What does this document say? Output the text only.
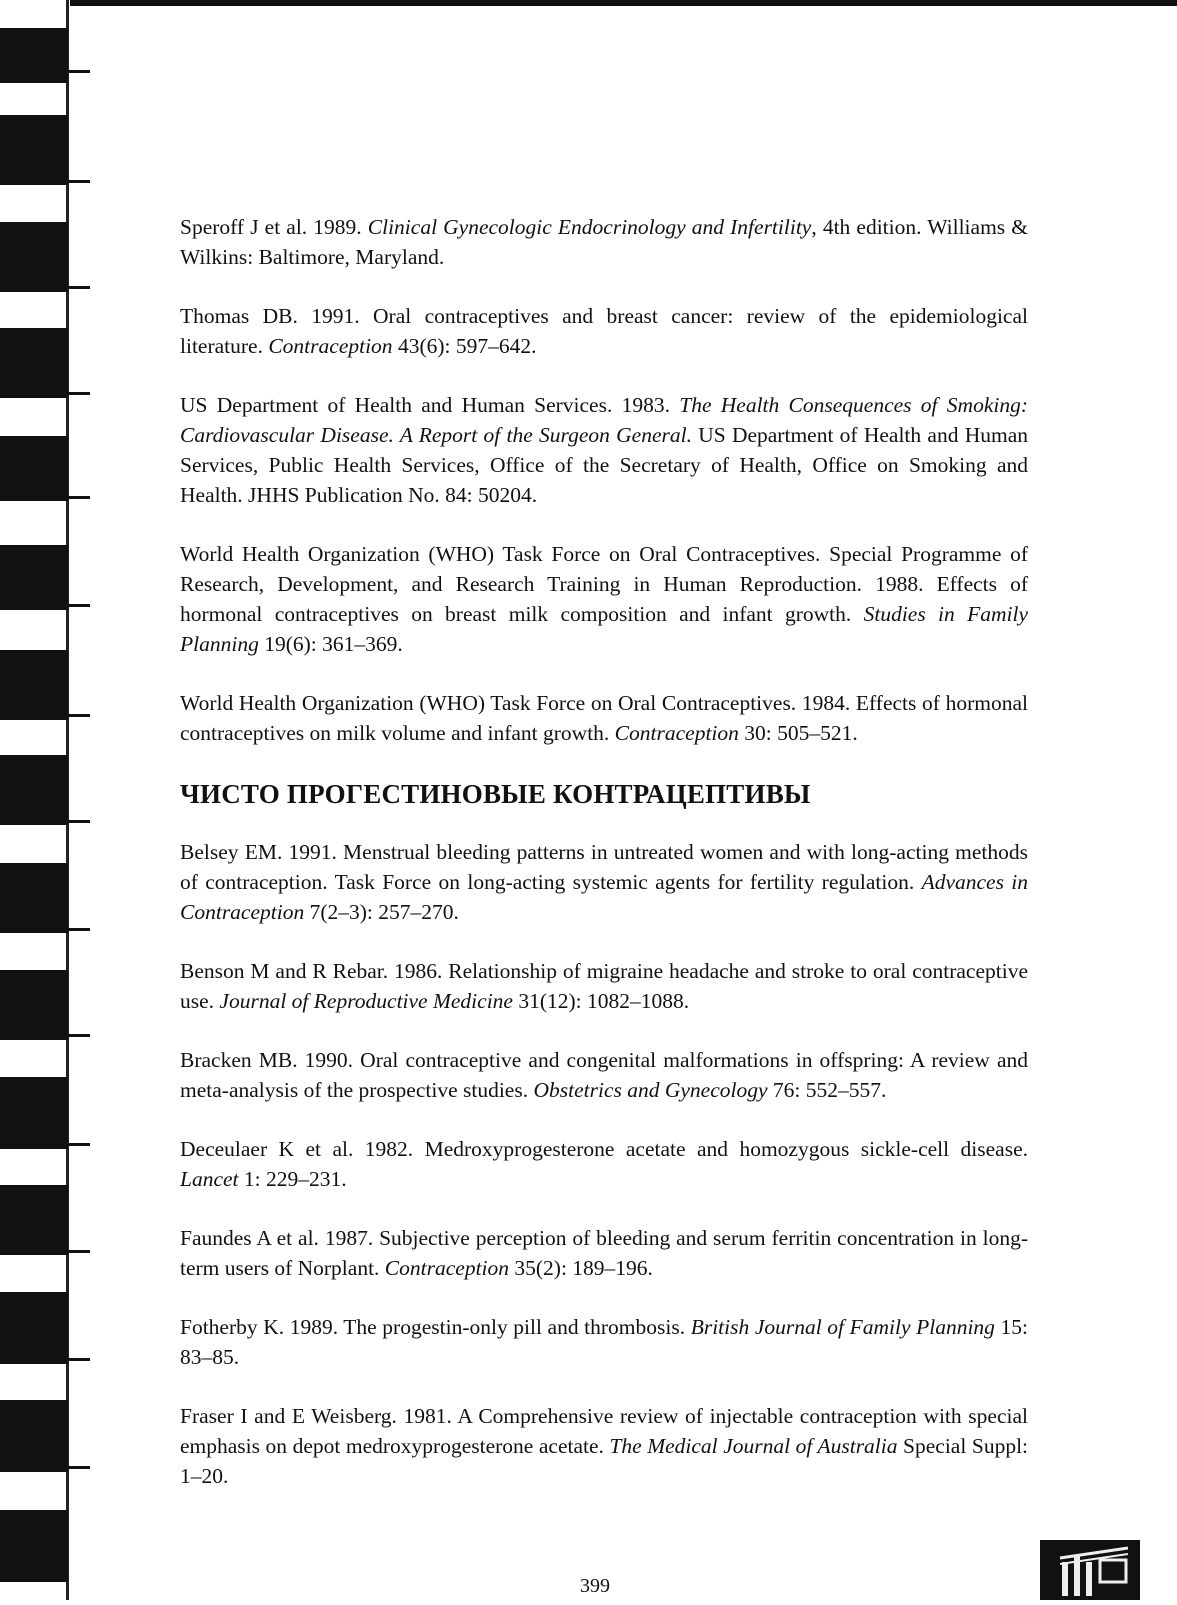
Speroff J et al. 1989. Clinical Gynecologic Endocrinology and Infertility, 4th edition. Williams & Wilkins: Baltimore, Maryland.

Thomas DB. 1991. Oral contraceptives and breast cancer: review of the epidemiological literature. Contraception 43(6): 597–642.

US Department of Health and Human Services. 1983. The Health Consequences of Smoking: Cardiovascular Disease. A Report of the Surgeon General. US Department of Health and Human Services, Public Health Services, Office of the Secretary of Health, Office on Smoking and Health. JHHS Publication No. 84: 50204.

World Health Organization (WHO) Task Force on Oral Contraceptives. Special Programme of Research, Development, and Research Training in Human Reproduction. 1988. Effects of hormonal contraceptives on breast milk composition and infant growth. Studies in Family Planning 19(6): 361–369.

World Health Organization (WHO) Task Force on Oral Contraceptives. 1984. Effects of hormonal contraceptives on milk volume and infant growth. Contraception 30: 505–521.

ЧИСТО ПРОГЕСТИНОВЫЕ КОНТРАЦЕПТИВЫ

Belsey EM. 1991. Menstrual bleeding patterns in untreated women and with long-acting methods of contraception. Task Force on long-acting systemic agents for fertility regulation. Advances in Contraception 7(2–3): 257–270.

Benson M and R Rebar. 1986. Relationship of migraine headache and stroke to oral contraceptive use. Journal of Reproductive Medicine 31(12): 1082–1088.

Bracken MB. 1990. Oral contraceptive and congenital malformations in offspring: A review and meta-analysis of the prospective studies. Obstetrics and Gynecology 76: 552–557.

Deceulaer K et al. 1982. Medroxyprogesterone acetate and homozygous sickle-cell disease. Lancet 1: 229–231.

Faundes A et al. 1987. Subjective perception of bleeding and serum ferritin concentration in long-term users of Norplant. Contraception 35(2): 189–196.

Fotherby K. 1989. The progestin-only pill and thrombosis. British Journal of Family Planning 15: 83–85.

Fraser I and E Weisberg. 1981. A Comprehensive review of injectable contraception with special emphasis on depot medroxyprogesterone acetate. The Medical Journal of Australia Special Suppl: 1–20.

399
